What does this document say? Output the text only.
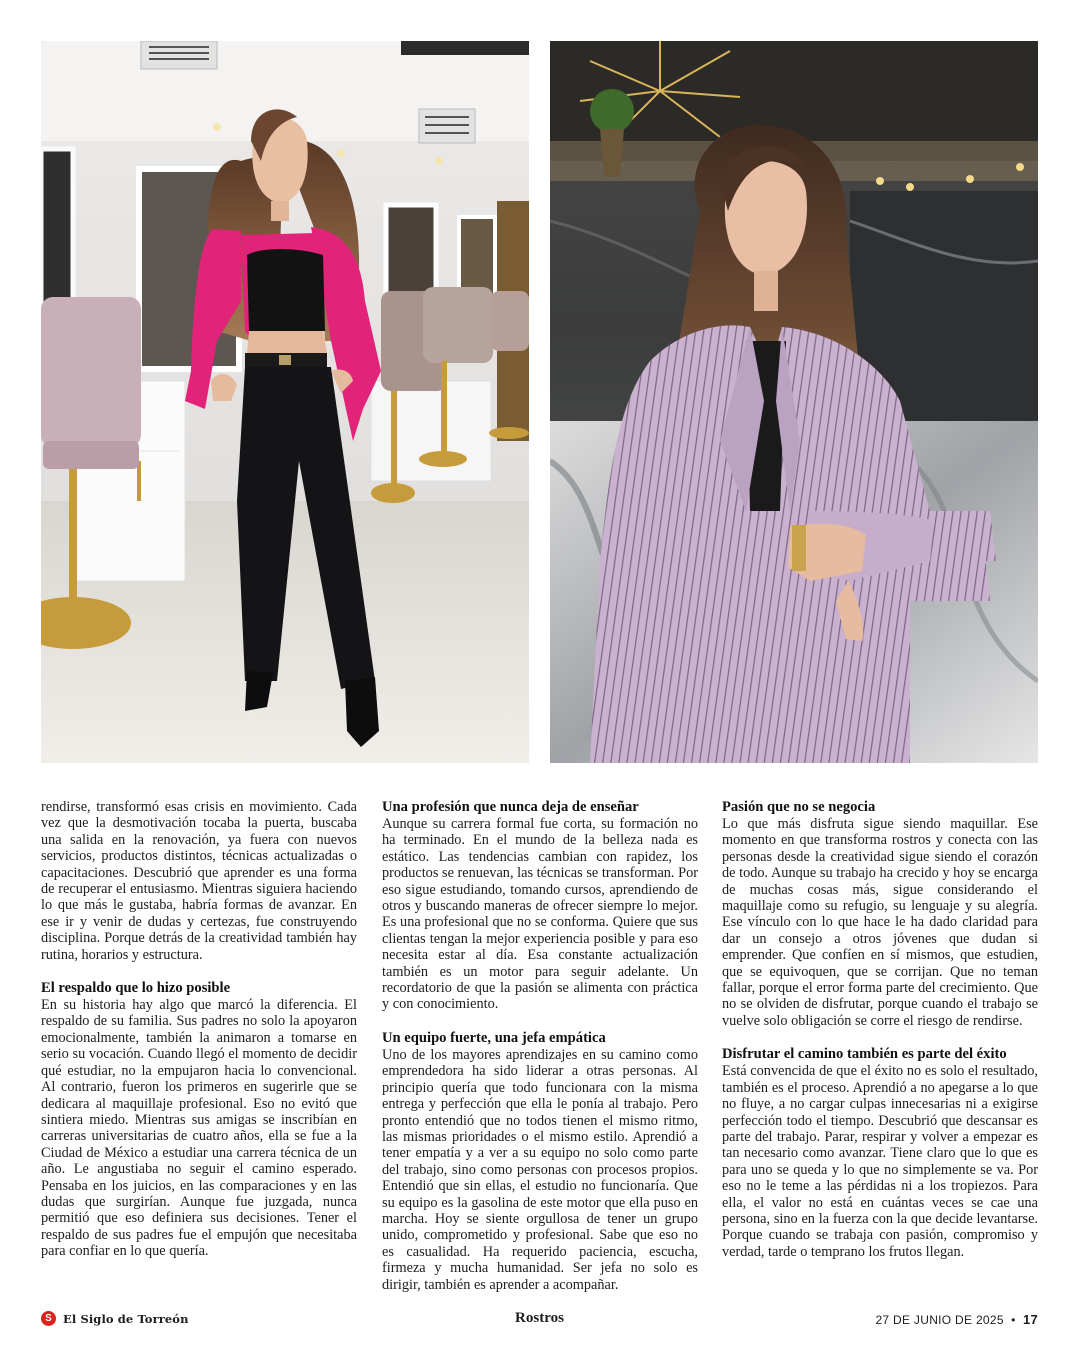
rendirse, transformó esas crisis en movimiento. Cada vez que la desmotivación tocaba la puerta, buscaba una salida en la renovación, ya fuera con nuevos servicios, productos distintos, técnicas actualizadas o capacitaciones. Descubrió que aprender es una forma de recuperar el entusiasmo. Mientras siguiera haciendo lo que más le gustaba, habría formas de avanzar. En ese ir y venir de dudas y certezas, fue construyendo disciplina. Porque detrás de la creatividad también hay rutina, horarios y estructura.

El respaldo que lo hizo posible

En su historia hay algo que marcó la diferencia. El respaldo de su familia. Sus padres no solo la apoyaron emocionalmente, también la animaron a tomarse en serio su vocación. Cuando llegó el momento de decidir qué estudiar, no la empujaron hacia lo convencional. Al contrario, fueron los primeros en sugerirle que se dedicara al maquillaje profesional. Eso no evitó que sintiera miedo. Mientras sus amigas se inscribían en carreras universitarias de cuatro años, ella se fue a la Ciudad de México a estudiar una carrera técnica de un año. Le angustiaba no seguir el camino esperado. Pensaba en los juicios, en las comparaciones y en las dudas que surgirían. Aunque fue juzgada, nunca permitió que eso definiera sus decisiones. Tener el respaldo de sus padres fue el empujón que necesitaba para confiar en lo que quería.

Una profesión que nunca deja de enseñar

Aunque su carrera formal fue corta, su formación no ha terminado. En el mundo de la belleza nada es estático. Las tendencias cambian con rapidez, los productos se renuevan, las técnicas se transforman. Por eso sigue estudiando, tomando cursos, aprendiendo de otros y buscando maneras de ofrecer siempre lo mejor. Es una profesional que no se conforma. Quiere que sus clientas tengan la mejor experiencia posible y para eso necesita estar al día. Esa constante actualización también es un motor para seguir adelante. Un recordatorio de que la pasión se alimenta con práctica y con conocimiento.

Un equipo fuerte, una jefa empática

Uno de los mayores aprendizajes en su camino como emprendedora ha sido liderar a otras personas. Al principio quería que todo funcionara con la misma entrega y perfección que ella le ponía al trabajo. Pero pronto entendió que no todos tienen el mismo ritmo, las mismas prioridades o el mismo estilo. Aprendió a tener empatía y a ver a su equipo no solo como parte del trabajo, sino como personas con procesos propios. Entendió que sin ellas, el estudio no funcionaría. Que su equipo es la gasolina de este motor que ella puso en marcha. Hoy se siente orgullosa de tener un grupo unido, comprometido y profesional. Sabe que eso no es casualidad. Ha requerido paciencia, escucha, firmeza y mucha humanidad. Ser jefa no solo es dirigir, también es aprender a acompañar.

Pasión que no se negocia

Lo que más disfruta sigue siendo maquillar. Ese momento en que transforma rostros y conecta con las personas desde la creatividad sigue siendo el corazón de todo. Aunque su trabajo ha crecido y hoy se encarga de muchas cosas más, sigue considerando el maquillaje como su refugio, su lenguaje y su alegría. Ese vínculo con lo que hace le ha dado claridad para dar un consejo a otros jóvenes que dudan si emprender. Que confíen en sí mismos, que estudien, que se equivoquen, que se corrijan. Que no teman fallar, porque el error forma parte del crecimiento. Que no se olviden de disfrutar, porque cuando el trabajo se vuelve solo obligación se corre el riesgo de rendirse.

Disfrutar el camino también es parte del éxito

Está convencida de que el éxito no es solo el resultado, también es el proceso. Aprendió a no apegarse a lo que no fluye, a no cargar culpas innecesarias ni a exigirse perfección todo el tiempo. Descubrió que descansar es parte del trabajo. Parar, respirar y volver a empezar es tan necesario como avanzar. Tiene claro que lo que es para uno se queda y lo que no simplemente se va. Por eso no le teme a las pérdidas ni a los tropiezos. Para ella, el valor no está en cuántas veces se cae una persona, sino en la fuerza con la que decide levantarse. Porque cuando se trabaja con pasión, compromiso y verdad, tarde o temprano los frutos llegan.

S El Siglo de Torreón	Rostros	27 DE JUNIO DE 2025 • 17
